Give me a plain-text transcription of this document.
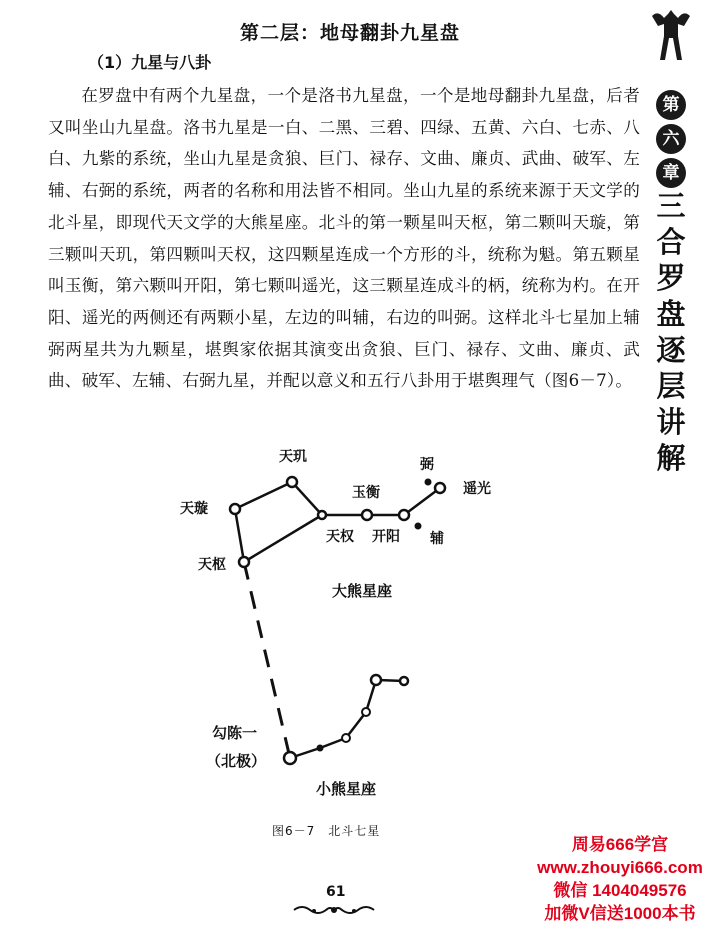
第二层：地母翻卦九星盘
（1）九星与八卦
第
六
章
三
合
罗
盘
逐
层
讲
解
在罗盘中有两个九星盘，一个是洛书九星盘，一个是地母翻卦九星盘，后者又叫坐山九星盘。洛书九星是一白、二黑、三碧、四绿、五黄、六白、七赤、八白、九紫的系统，坐山九星是贪狼、巨门、禄存、文曲、廉贞、武曲、破军、左辅、右弼的系统，两者的名称和用法皆不相同。坐山九星的系统来源于天文学的北斗星，即现代天文学的大熊星座。北斗的第一颗星叫天枢，第二颗叫天璇，第三颗叫天玑，第四颗叫天权，这四颗星连成一个方形的斗，统称为魁。第五颗星叫玉衡，第六颗叫开阳，第七颗叫遥光，这三颗星连成斗的柄，统称为杓。在开阳、遥光的两侧还有两颗小星，左边的叫辅，右边的叫弼。这样北斗七星加上辅弼两星共为九颗星，堪舆家依据其演变出贪狼、巨门、禄存、文曲、廉贞、武曲、破军、左辅、右弼九星，并配以意义和五行八卦用于堪舆理气（图6－7）。
天玑
天璇
天枢
玉衡
天权 开阳
弼
遥光
辅
大熊星座
勾陈一
（北极）
小熊星座
图6－7　北斗七星
61
周易666学宫
www.zhouyi666.com
微信 1404049576
加微V信送1000本书
